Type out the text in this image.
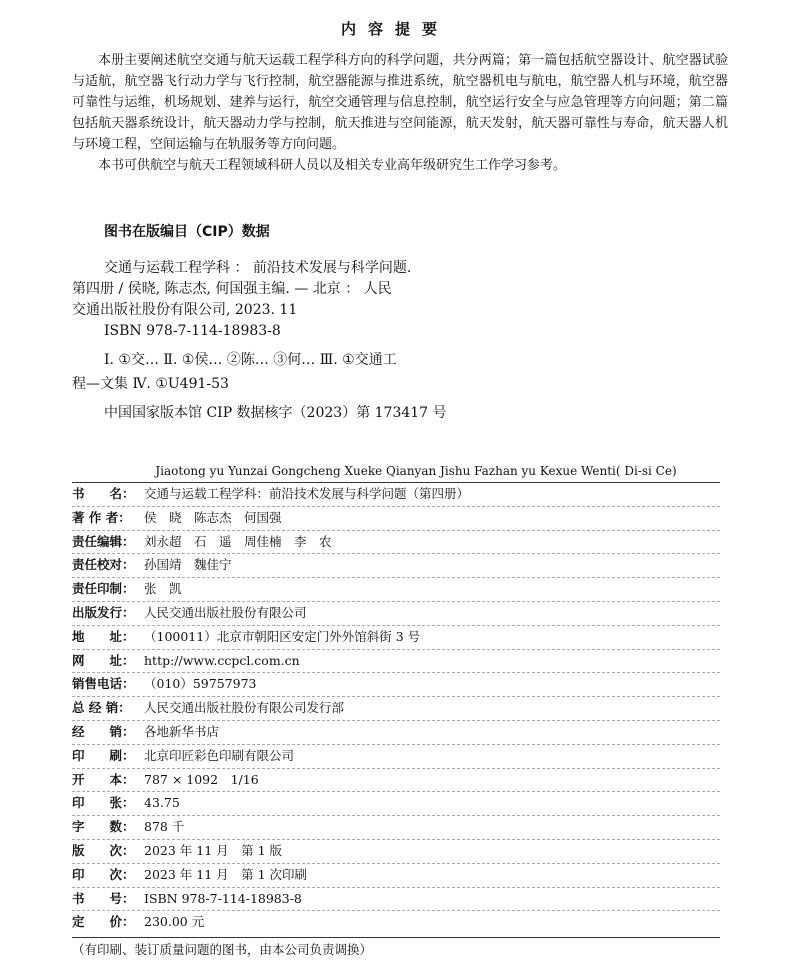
内容提要

本册主要阐述航空交通与航天运载工程学科方向的科学问题，共分两篇；第一篇包括航空器设计、航空器试验与适航，航空器飞行动力学与飞行控制，航空器能源与推进系统，航空器机电与航电，航空器人机与环境，航空器可靠性与运维，机场规划、建养与运行，航空交通管理与信息控制，航空运行安全与应急管理等方向问题；第二篇包括航天器系统设计，航天器动力学与控制，航天推进与空间能源，航天发射，航天器可靠性与寿命，航天器人机与环境工程，空间运输与在轨服务等方向问题。

本书可供航空与航天工程领域科研人员以及相关专业高年级研究生工作学习参考。

图书在版编目（CIP）数据
交通与运载工程学科 ： 前沿技术发展与科学问题.
第四册 / 侯晓, 陈志杰, 何国强主编. — 北京 ： 人民
交通出版社股份有限公司, 2023. 11
ISBN 978-7-114-18983-8
Ⅰ. ①交… Ⅱ. ①侯… ②陈… ③何… Ⅲ. ①交通工
程—文集 Ⅳ. ①U491-53
中国国家版本馆 CIP 数据核字（2023）第 173417 号
Jiaotong yu Yunzai Gongcheng Xueke Qianyan Jishu Fazhan yu Kexue Wenti( Di-si Ce)
书　　名： 交通与运载工程学科：前沿技术发展与科学问题（第四册）
著 作 者：	侯　晓　陈志杰　何国强
责任编辑： 刘永超　石　遥　周佳楠　李　农
责任校对： 孙国靖　魏佳宁
责任印制： 张　凯
出版发行： 人民交通出版社股份有限公司
地　　址： （100011）北京市朝阳区安定门外外馆斜街 3 号
网　　址： http://www.ccpcl.com.cn
销售电话： （010）59757973
总 经 销：	人民交通出版社股份有限公司发行部
经　　销： 各地新华书店
印　　刷： 北京印匠彩色印刷有限公司
开　　本： 787 × 1092　1/16
印　　张： 43.75
字　　数： 878 千
版　　次： 2023 年 11 月　第 1 版
印　　次： 2023 年 11 月　第 1 次印刷
书　　号： ISBN 978-7-114-18983-8
定　　价： 230.00 元
（有印刷、装订质量问题的图书，由本公司负责调换）
